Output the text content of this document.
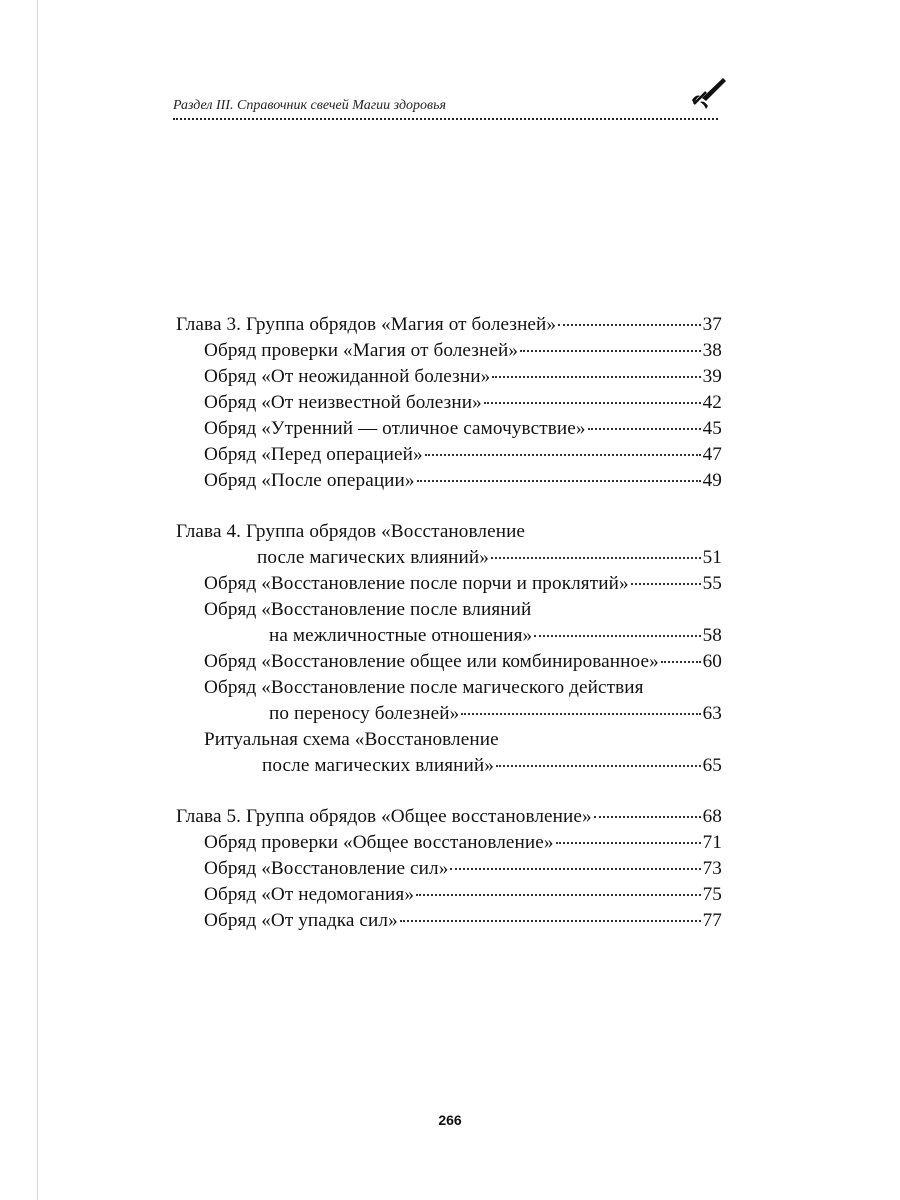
Раздел III. Справочник свечей Магии здоровья
Глава 3. Группа обрядов «Магия от болезней»	37
Обряд проверки «Магия от болезней»	38
Обряд «От неожиданной болезни»	39
Обряд «От неизвестной болезни»	42
Обряд «Утренний — отличное самочувствие»	45
Обряд «Перед операцией»	47
Обряд «После операции»	49
Глава 4. Группа обрядов «Восстановление
после магических влияний»	51
Обряд «Восстановление после порчи и проклятий»	55
Обряд «Восстановление после влияний
на межличностные отношения»	58
Обряд «Восстановление общее или комбинированное» 60
Обряд «Восстановление после магического действия
по переносу болезней»	63
Ритуальная схема «Восстановление
после магических влияний»	65
Глава 5. Группа обрядов «Общее восстановление»	68
Обряд проверки «Общее восстановление»	71
Обряд «Восстановление сил»	73
Обряд «От недомогания»	75
Обряд «От упадка сил»	77
266
